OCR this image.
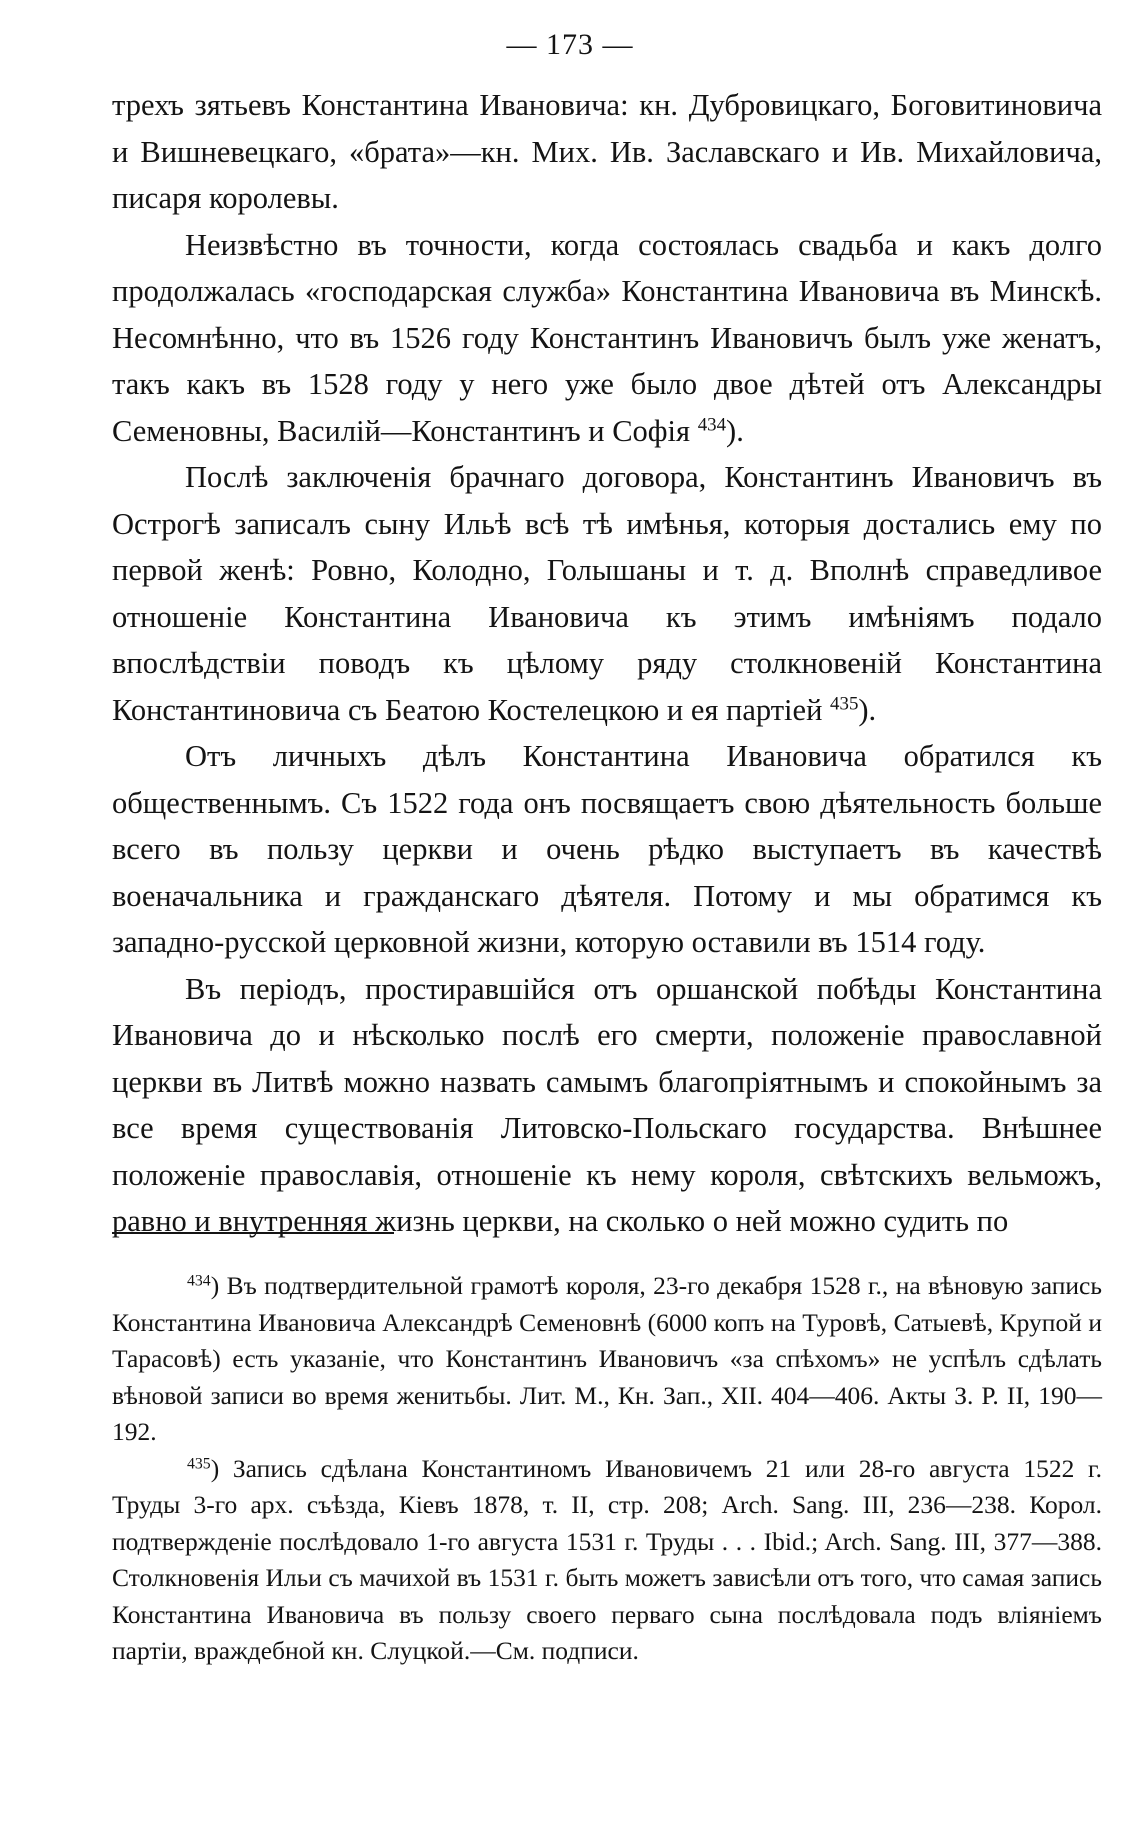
— 173 —

трехъ зятьевъ Константина Ивановича: кн. Дубровицкаго, Боговитиновича и Вишневецкаго, «брата»—кн. Мих. Ив. Заславскаго и Ив. Михайловича, писаря королевы.

Неизвѣстно въ точности, когда состоялась свадьба и какъ долго продолжалась «господарская служба» Константина Ивановича въ Минскѣ. Несомнѣнно, что въ 1526 году Константинъ Ивановичъ былъ уже женатъ, такъ какъ въ 1528 году у него уже было двое дѣтей отъ Александры Семеновны, Василій—Константинъ и Софія $^{434}$).

Послѣ заключенія брачнаго договора, Константинъ Ивановичъ въ Острогѣ записалъ сыну Ильѣ всѣ тѣ имѣнья, которыя достались ему по первой женѣ: Ровно, Колодно, Голышаны и т. д. Вполнѣ справедливое отношеніе Константина Ивановича къ этимъ имѣніямъ подало впослѣдствіи поводъ къ цѣлому ряду столкновеній Константина Константиновича съ Беатою Костелецкою и ея партіей $^{435}$).

Отъ личныхъ дѣлъ Константина Ивановича обратился къ общественнымъ. Съ 1522 года онъ посвящаетъ свою дѣятельность больше всего въ пользу церкви и очень рѣдко выступаетъ въ качествѣ военачальника и гражданскаго дѣятеля. Потому и мы обратимся къ западно-русской церковной жизни, которую оставили въ 1514 году.

Въ періодъ, простиравшійся отъ оршанской побѣды Константина Ивановича до и нѣсколько послѣ его смерти, положеніе православной церкви въ Литвѣ можно назвать самымъ благопріятнымъ и спокойнымъ за все время существованія Литовско-Польскаго государства. Внѣшнее положеніе православія, отношеніе къ нему короля, свѣтскихъ вельможъ, равно и внутренняя жизнь церкви, на сколько о ней можно судить по

$^{434}$) Въ подтвердительной грамотѣ короля, 23-го декабря 1528 г., на вѣновую запись Константина Ивановича Александрѣ Семеновнѣ (6000 копъ на Туровѣ, Сатыевѣ, Крупой и Тарасовѣ) есть указаніе, что Константинъ Ивановичъ «за спѣхомъ» не успѣлъ сдѣлать вѣновой записи во время женитьбы. Лит. М., Кн. Зап., XII. 404—406. Акты З. Р. II, 190—192.

$^{435}$) Запись сдѣлана Константиномъ Ивановичемъ 21 или 28-го августа 1522 г. Труды 3-го арх. съѣзда, Кіевъ 1878, т. II, стр. 208; Arch. Sang. III, 236—238. Корол. подтвержденіе послѣдовало 1-го августа 1531 г. Труды . . . Ibid.; Arch. Sang. III, 377—388. Столкновенія Ильи съ мачихой въ 1531 г. быть можетъ зависѣли отъ того, что самая запись Константина Ивановича въ пользу своего перваго сына послѣдовала подъ вліяніемъ партіи, враждебной кн. Слуцкой.—См. подписи.
